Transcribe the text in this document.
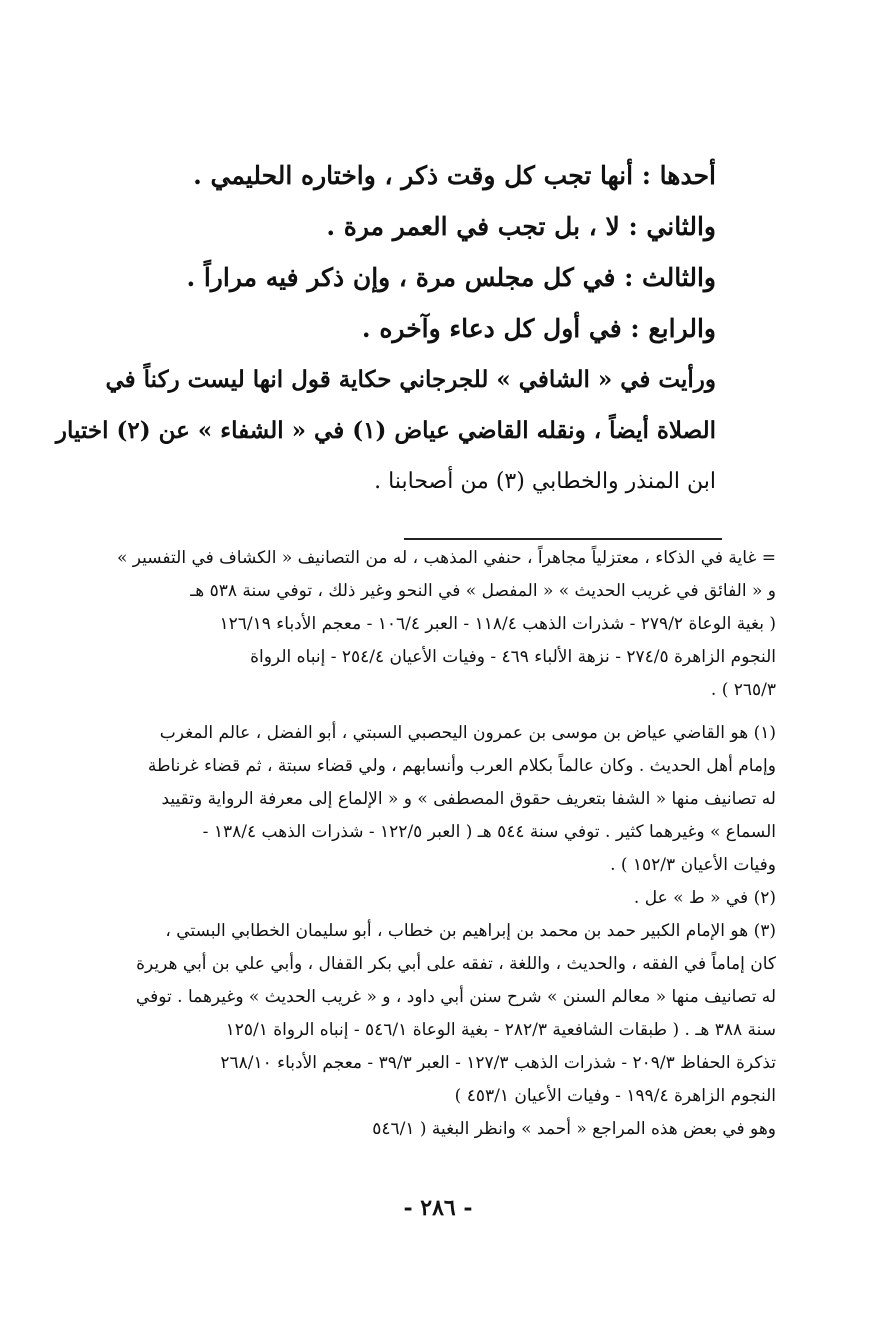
أحدها : أنها تجب كل وقت ذكر ، واختاره الحليمي .
والثاني : لا ، بل تجب في العمر مرة .
والثالث : في كل مجلس مرة ، وإن ذكر فيه مراراً .
والرابع : في أول كل دعاء وآخره .
ورأيت في « الشافي » للجرجاني حكاية قول انها ليست ركناً في
الصلاة أيضاً ، ونقله القاضي عياض (١) في « الشفاء » عن (٢) اختيار
ابن المنذر والخطابي (٣) من أصحابنا .
= غاية في الذكاء ، معتزلياً مجاهراً ، حنفي المذهب ، له من التصانيف « الكشاف في التفسير »
و « الفائق في غريب الحديث » « المفصل » في النحو وغير ذلك ، توفي سنة ٥٣٨ هـ
( بغية الوعاة ٢٧٩/٢ - شذرات الذهب ١١٨/٤ - العبر ١٠٦/٤ - معجم الأدباء ١٢٦/١٩
النجوم الزاهرة ٢٧٤/٥ - نزهة الألباء ٤٦٩ - وفيات الأعيان ٢٥٤/٤ - إنباه الرواة
٢٦٥/٣ ) .
(١) هو القاضي عياض بن موسى بن عمرون اليحصبي السبتي ، أبو الفضل ، عالم المغرب
وإمام أهل الحديث . وكان عالماً بكلام العرب وأنسابهم ، ولي قضاء سبتة ، ثم قضاء غرناطة
له تصانيف منها « الشفا بتعريف حقوق المصطفى » و « الإلماع إلى معرفة الرواية وتقييد
السماع » وغيرهما كثير . توفي سنة ٥٤٤ هـ ( العبر ١٢٢/٥ - شذرات الذهب ١٣٨/٤ -
وفيات الأعيان ١٥٢/٣ ) .
(٢) في « ط » عل .
(٣) هو الإمام الكبير حمد بن محمد بن إبراهيم بن خطاب ، أبو سليمان الخطابي البستي ،
كان إماماً في الفقه ، والحديث ، واللغة ، تفقه على أبي بكر القفال ، وأبي علي بن أبي هريرة
له تصانيف منها « معالم السنن » شرح سنن أبي داود ، و « غريب الحديث » وغيرهما . توفي
سنة ٣٨٨ هـ . ( طبقات الشافعية ٢٨٢/٣ - بغية الوعاة ٥٤٦/١ - إنباه الرواة ١٢٥/١
تذكرة الحفاظ ٢٠٩/٣ - شذرات الذهب ١٢٧/٣ - العبر ٣٩/٣ - معجم الأدباء ٢٦٨/١٠
النجوم الزاهرة ١٩٩/٤ - وفيات الأعيان ٤٥٣/١ )
وهو في بعض هذه المراجع « أحمد » وانظر البغية ( ٥٤٦/١
- ٢٨٦ -
